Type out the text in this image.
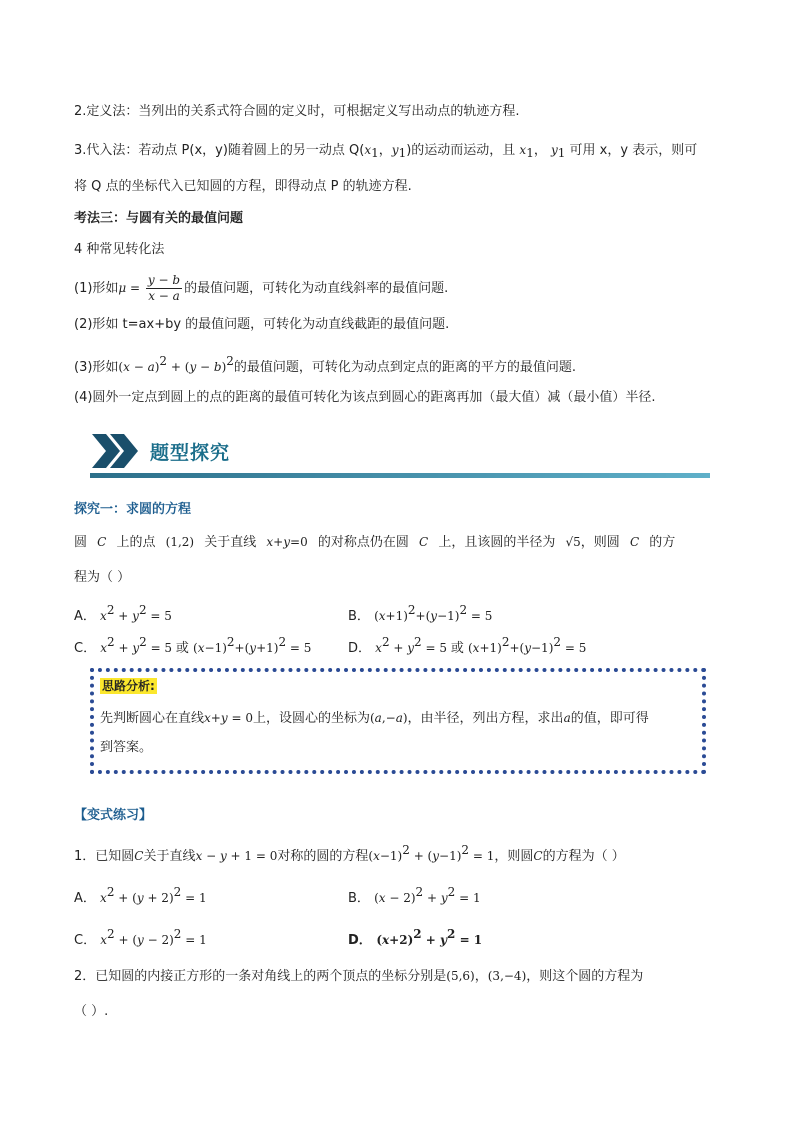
2.定义法：当列出的关系式符合圆的定义时，可根据定义写出动点的轨迹方程.
3.代入法：若动点 P(x，y)随着圆上的另一动点 $Q(x_1$，$y_1$)的运动而运动，且 $x_1$， $y_1$ 可用 x，y 表示，则可
将 Q 点的坐标代入已知圆的方程，即得动点 P 的轨迹方程.
考法三：与圆有关的最值问题
4 种常见转化法
(1)形如$\mu = \frac{y - b}{x - a}$ 的最值问题，可转化为动直线斜率的最值问题.
(2)形如 t=ax+by 的最值问题，可转化为动直线截距的最值问题.
(3)形如$(x - a)^2 + (y - b)^2$的最值问题，可转化为动点到定点的距离的平方的最值问题.
(4)圆外一定点到圆上的点的距离的最值可转化为该点到圆心的距离再加（最大值）减（最小值）半径.
题型探究
探究一：求圆的方程
圆 C 上的点 (1,2) 关于直线 x+y=0 的对称点仍在圆 C 上，且该圆的半径为 √5，则圆 C 的方
程为（ ）
A． $x^2 + y^2 = 5$	B． $(x+1)^2+(y-1)^2 = 5$
C． $x^2 + y^2 = 5$ 或 $(x-1)^2+(y+1)^2 = 5$	D． $x^2 + y^2 = 5$ 或 $(x+1)^2+(y-1)^2 = 5$
思路分析:
先判断圆心在直线x+y = 0上，设圆心的坐标为(a,−a)，由半径，列出方程，求出a的值，即可得
到答案。
【变式练习】
1．已知圆C关于直线x − y + 1 = 0对称的圆的方程$(x-1)^2 + (y-1)^2 = 1$，则圆C的方程为（ ）
A． $x^2 + (y + 2)^2 = 1$	B． $(x - 2)^2 + y^2 = 1$
C． $x^2 + (y - 2)^2 = 1$	D． $(x+2)^2 + y^2 = 1$
2．已知圆的内接正方形的一条对角线上的两个顶点的坐标分别是(5,6)，(3,−4)，则这个圆的方程为
（ ）.
